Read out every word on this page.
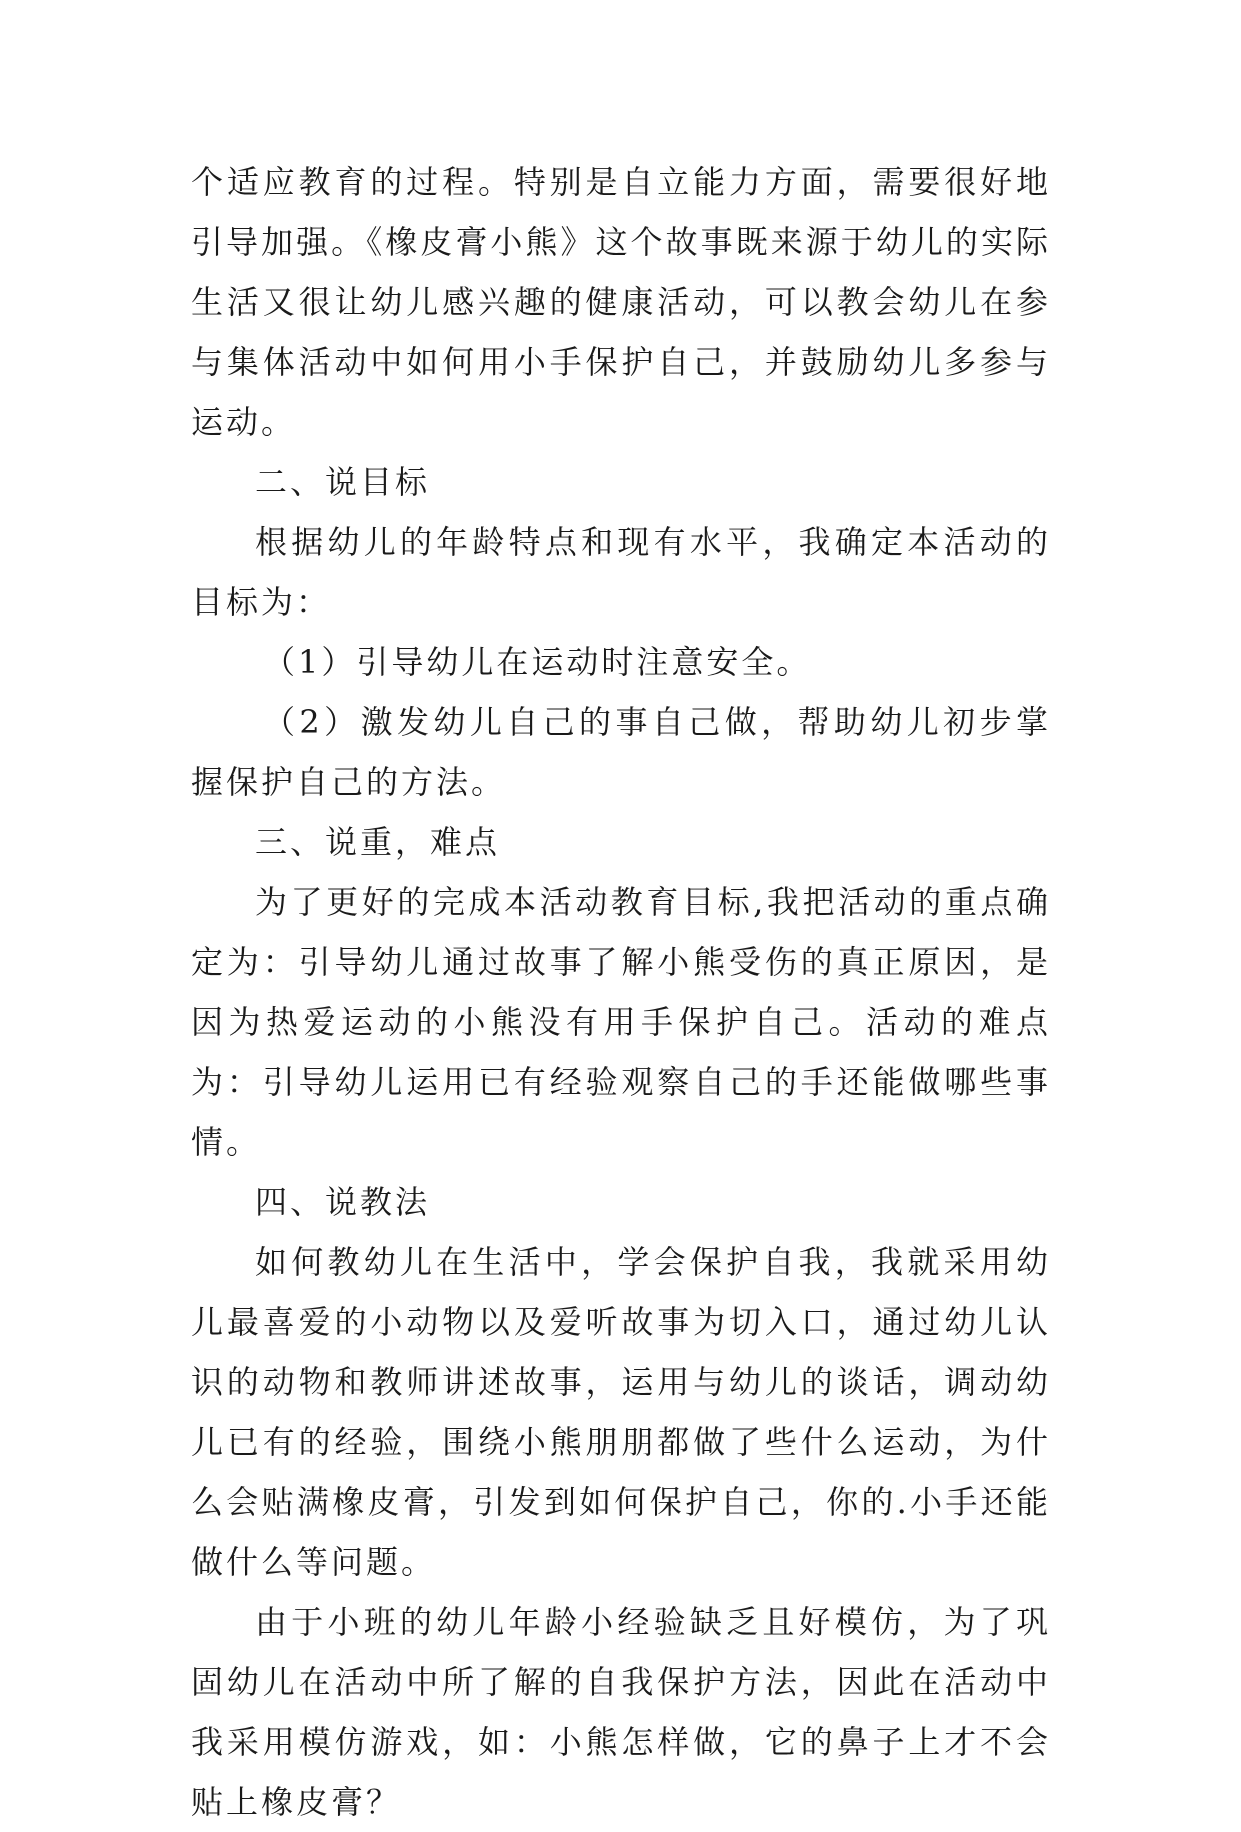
个适应教育的过程。特别是自立能力方面，需要很好地引导加强。《橡皮膏小熊》这个故事既来源于幼儿的实际生活又很让幼儿感兴趣的健康活动，可以教会幼儿在参与集体活动中如何用小手保护自己，并鼓励幼儿多参与运动。

二、说目标

根据幼儿的年龄特点和现有水平，我确定本活动的目标为：

（1）引导幼儿在运动时注意安全。

（2）激发幼儿自己的事自己做，帮助幼儿初步掌握保护自己的方法。

三、说重，难点

为了更好的完成本活动教育目标,我把活动的重点确定为：引导幼儿通过故事了解小熊受伤的真正原因，是因为热爱运动的小熊没有用手保护自己。活动的难点为：引导幼儿运用已有经验观察自己的手还能做哪些事情。

四、说教法

如何教幼儿在生活中，学会保护自我，我就采用幼儿最喜爱的小动物以及爱听故事为切入口，通过幼儿认识的动物和教师讲述故事，运用与幼儿的谈话，调动幼儿已有的经验，围绕小熊朋朋都做了些什么运动，为什么会贴满橡皮膏，引发到如何保护自己，你的.小手还能做什么等问题。

由于小班的幼儿年龄小经验缺乏且好模仿，为了巩固幼儿在活动中所了解的自我保护方法，因此在活动中我采用模仿游戏，如：小熊怎样做，它的鼻子上才不会贴上橡皮膏？
